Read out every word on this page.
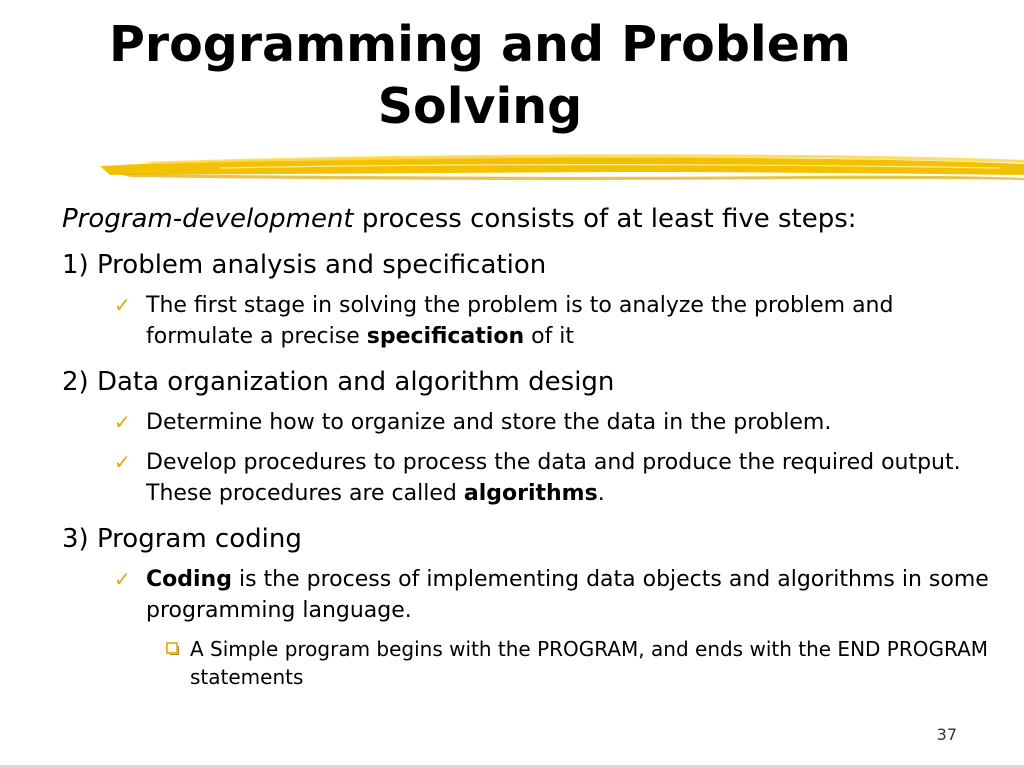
Programming and Problem Solving

Program-development process consists of at least five steps:

1) Problem analysis and specification

✓ The first stage in solving the problem is to analyze the problem and formulate a precise specification of it

2) Data organization and algorithm design

✓ Determine how to organize and store the data in the problem.
✓ Develop procedures to process the data and produce the required output. These procedures are called algorithms.

3) Program coding

✓ Coding is the process of implementing data objects and algorithms in some programming language.
A Simple program begins with the PROGRAM, and ends with the END PROGRAM statements
37
